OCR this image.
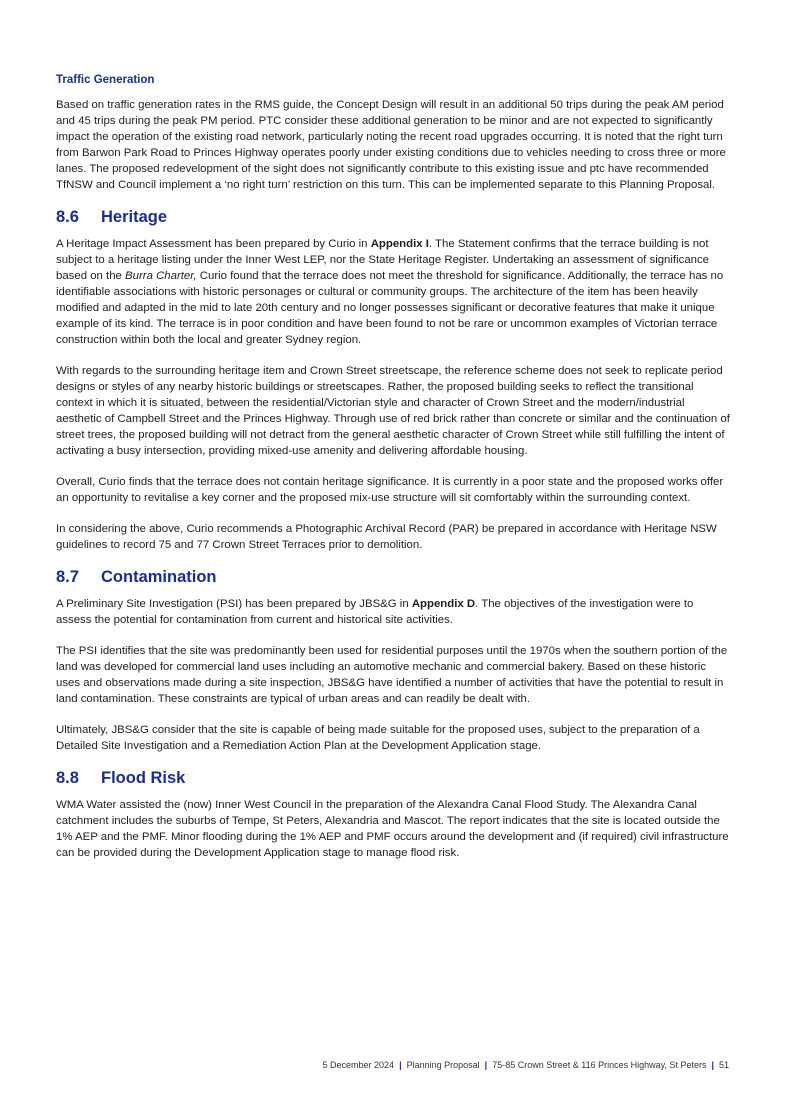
Traffic Generation

Based on traffic generation rates in the RMS guide, the Concept Design will result in an additional 50 trips during the peak AM period and 45 trips during the peak PM period. PTC consider these additional generation to be minor and are not expected to significantly impact the operation of the existing road network, particularly noting the recent road upgrades occurring. It is noted that the right turn from Barwon Park Road to Princes Highway operates poorly under existing conditions due to vehicles needing to cross three or more lanes. The proposed redevelopment of the sight does not significantly contribute to this existing issue and ptc have recommended TfNSW and Council implement a ‘no right turn’ restriction on this turn. This can be implemented separate to this Planning Proposal.

8.6	Heritage

A Heritage Impact Assessment has been prepared by Curio in Appendix I. The Statement confirms that the terrace building is not subject to a heritage listing under the Inner West LEP, nor the State Heritage Register. Undertaking an assessment of significance based on the Burra Charter, Curio found that the terrace does not meet the threshold for significance. Additionally, the terrace has no identifiable associations with historic personages or cultural or community groups. The architecture of the item has been heavily modified and adapted in the mid to late 20th century and no longer possesses significant or decorative features that make it unique example of its kind. The terrace is in poor condition and have been found to not be rare or uncommon examples of Victorian terrace construction within both the local and greater Sydney region.

With regards to the surrounding heritage item and Crown Street streetscape, the reference scheme does not seek to replicate period designs or styles of any nearby historic buildings or streetscapes. Rather, the proposed building seeks to reflect the transitional context in which it is situated, between the residential/Victorian style and character of Crown Street and the modern/industrial aesthetic of Campbell Street and the Princes Highway. Through use of red brick rather than concrete or similar and the continuation of street trees, the proposed building will not detract from the general aesthetic character of Crown Street while still fulfilling the intent of activating a busy intersection, providing mixed-use amenity and delivering affordable housing.

Overall, Curio finds that the terrace does not contain heritage significance. It is currently in a poor state and the proposed works offer an opportunity to revitalise a key corner and the proposed mix-use structure will sit comfortably within the surrounding context.

In considering the above, Curio recommends a Photographic Archival Record (PAR) be prepared in accordance with Heritage NSW guidelines to record 75 and 77 Crown Street Terraces prior to demolition.

8.7	Contamination

A Preliminary Site Investigation (PSI) has been prepared by JBS&G in Appendix D. The objectives of the investigation were to assess the potential for contamination from current and historical site activities.

The PSI identifies that the site was predominantly been used for residential purposes until the 1970s when the southern portion of the land was developed for commercial land uses including an automotive mechanic and commercial bakery. Based on these historic uses and observations made during a site inspection, JBS&G have identified a number of activities that have the potential to result in land contamination. These constraints are typical of urban areas and can readily be dealt with.

Ultimately, JBS&G consider that the site is capable of being made suitable for the proposed uses, subject to the preparation of a Detailed Site Investigation and a Remediation Action Plan at the Development Application stage.

8.8	Flood Risk

WMA Water assisted the (now) Inner West Council in the preparation of the Alexandra Canal Flood Study. The Alexandra Canal catchment includes the suburbs of Tempe, St Peters, Alexandria and Mascot. The report indicates that the site is located outside the 1% AEP and the PMF. Minor flooding during the 1% AEP and PMF occurs around the development and (if required) civil infrastructure can be provided during the Development Application stage to manage flood risk.

5 December 2024 | Planning Proposal | 75-85 Crown Street & 116 Princes Highway, St Peters | 51
